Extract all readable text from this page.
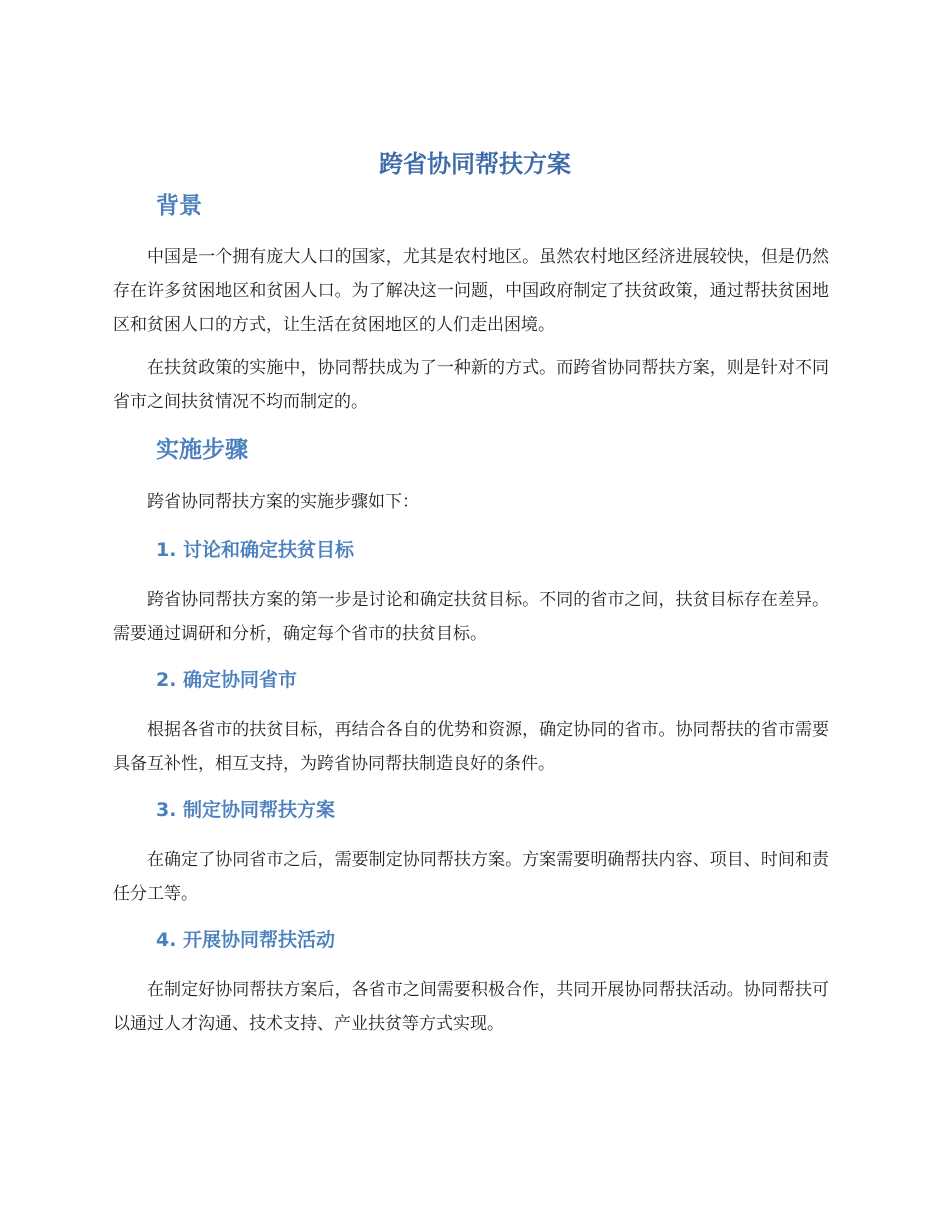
跨省协同帮扶方案
背景

中国是一个拥有庞大人口的国家，尤其是农村地区。虽然农村地区经济进展较快，但是仍然存在许多贫困地区和贫困人口。为了解决这一问题，中国政府制定了扶贫政策，通过帮扶贫困地区和贫困人口的方式，让生活在贫困地区的人们走出困境。

在扶贫政策的实施中，协同帮扶成为了一种新的方式。而跨省协同帮扶方案，则是针对不同省市之间扶贫情况不均而制定的。

实施步骤

跨省协同帮扶方案的实施步骤如下：

1. 讨论和确定扶贫目标

跨省协同帮扶方案的第一步是讨论和确定扶贫目标。不同的省市之间，扶贫目标存在差异。需要通过调研和分析，确定每个省市的扶贫目标。

2. 确定协同省市

根据各省市的扶贫目标，再结合各自的优势和资源，确定协同的省市。协同帮扶的省市需要具备互补性，相互支持，为跨省协同帮扶制造良好的条件。

3. 制定协同帮扶方案

在确定了协同省市之后，需要制定协同帮扶方案。方案需要明确帮扶内容、项目、时间和责任分工等。

4. 开展协同帮扶活动

在制定好协同帮扶方案后，各省市之间需要积极合作，共同开展协同帮扶活动。协同帮扶可以通过人才沟通、技术支持、产业扶贫等方式实现。
